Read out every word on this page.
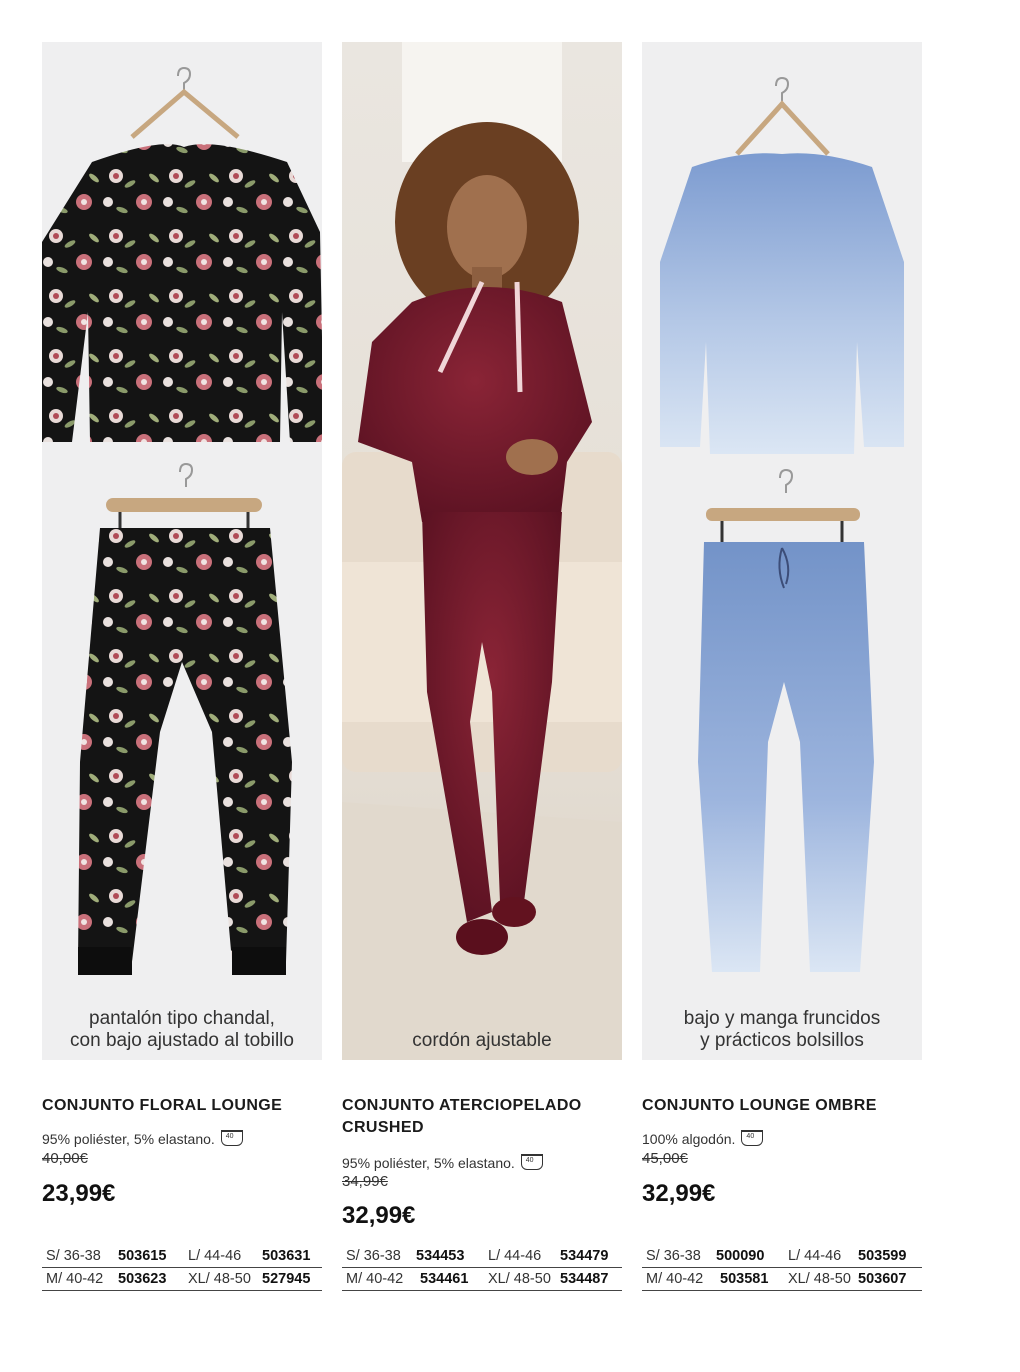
pantalón tipo chandal,
con bajo ajustado al tobillo
CONJUNTO FLORAL LOUNGE
95% poliéster, 5% elastano.40
40,00€
23,99€
S/ 36-38 503615 L/ 44-46 503631
M/ 40-42 503623 XL/ 48-50 527945
cordón ajustable
CONJUNTO ATERCIOPELADO
CRUSHED
95% poliéster, 5% elastano.40
34,99€
32,99€
S/ 36-38 534453 L/ 44-46 534479
M/ 40-42 534461 XL/ 48-50 534487
bajo y manga fruncidos
y prácticos bolsillos
CONJUNTO LOUNGE OMBRE
100% algodón.40
45,00€
32,99€
S/ 36-38 500090 L/ 44-46 503599
M/ 40-42 503581 XL/ 48-50 503607
